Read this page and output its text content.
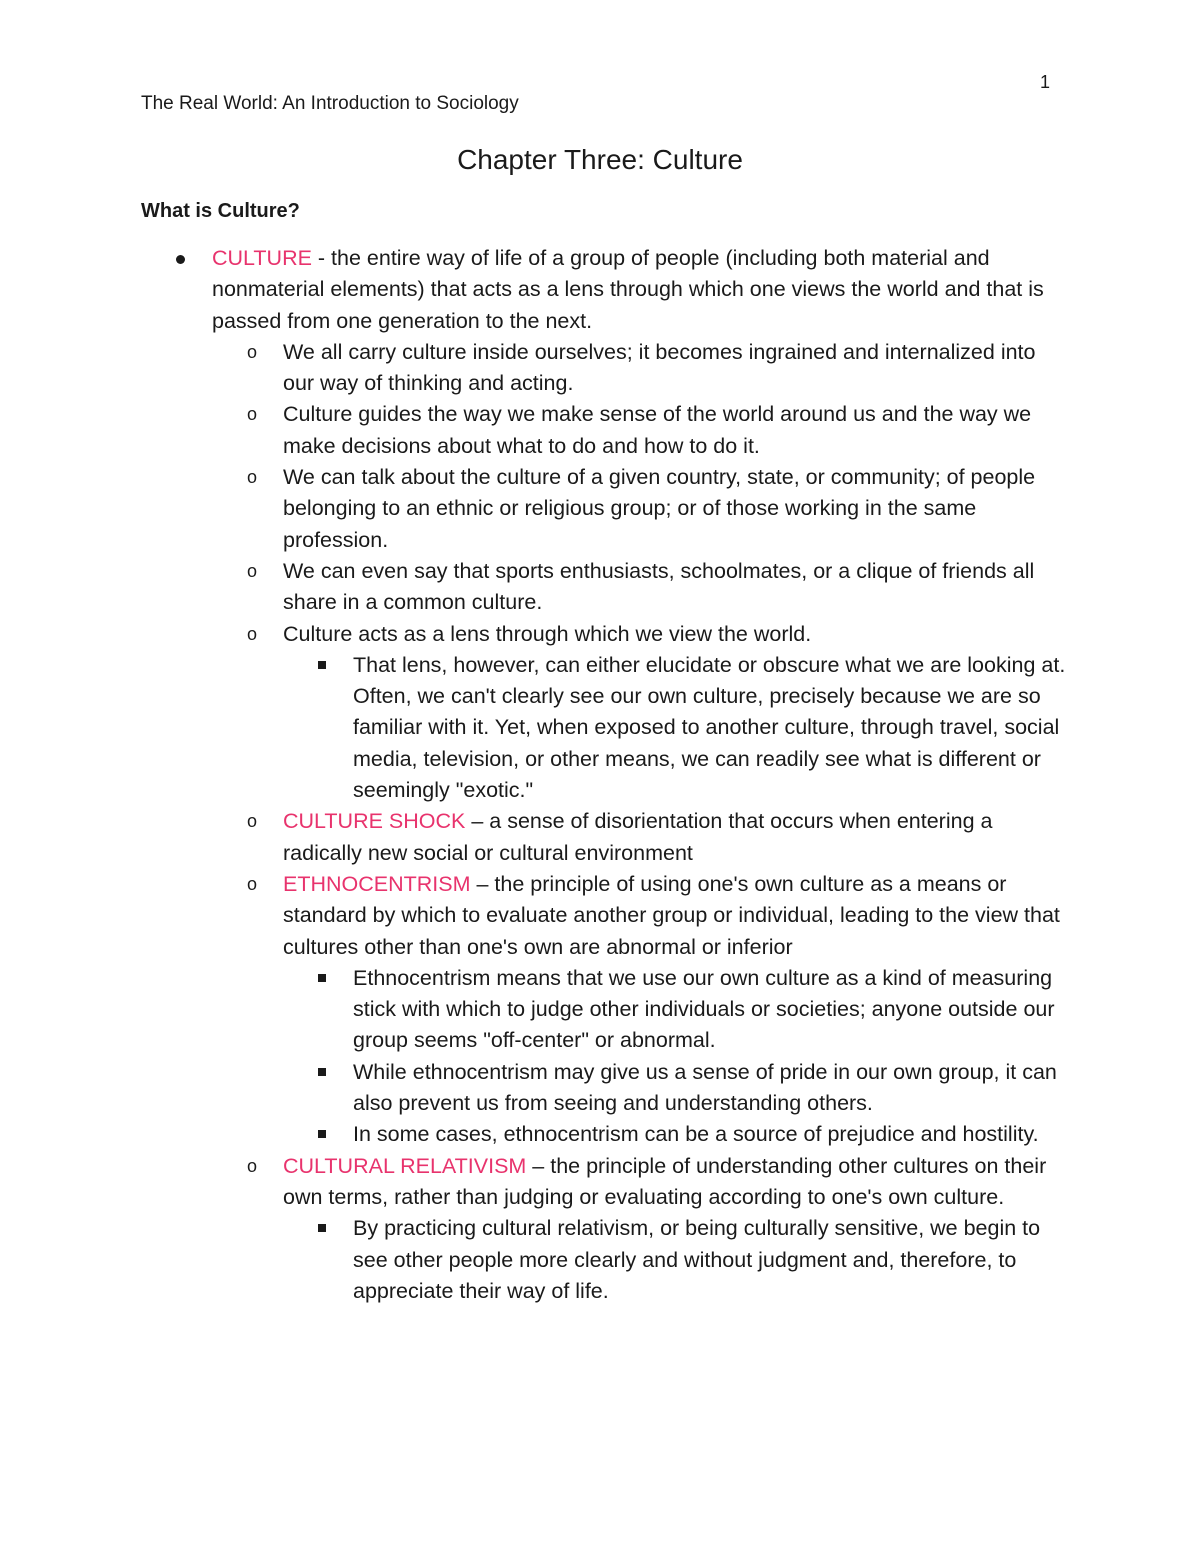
1
The Real World: An Introduction to Sociology
Chapter Three: Culture
What is Culture?
CULTURE - the entire way of life of a group of people (including both material and nonmaterial elements) that acts as a lens through which one views the world and that is passed from one generation to the next.
o We all carry culture inside ourselves; it becomes ingrained and internalized into our way of thinking and acting.
o Culture guides the way we make sense of the world around us and the way we make decisions about what to do and how to do it.
o We can talk about the culture of a given country, state, or community; of people belonging to an ethnic or religious group; or of those working in the same profession.
o We can even say that sports enthusiasts, schoolmates, or a clique of friends all share in a common culture.
o Culture acts as a lens through which we view the world.
That lens, however, can either elucidate or obscure what we are looking at. Often, we can't clearly see our own culture, precisely because we are so familiar with it. Yet, when exposed to another culture, through travel, social media, television, or other means, we can readily see what is different or seemingly "exotic."
o CULTURE SHOCK – a sense of disorientation that occurs when entering a radically new social or cultural environment
o ETHNOCENTRISM – the principle of using one's own culture as a means or standard by which to evaluate another group or individual, leading to the view that cultures other than one's own are abnormal or inferior
Ethnocentrism means that we use our own culture as a kind of measuring stick with which to judge other individuals or societies; anyone outside our group seems "off-center" or abnormal.
While ethnocentrism may give us a sense of pride in our own group, it can also prevent us from seeing and understanding others.
In some cases, ethnocentrism can be a source of prejudice and hostility.
o CULTURAL RELATIVISM – the principle of understanding other cultures on their own terms, rather than judging or evaluating according to one's own culture.
By practicing cultural relativism, or being culturally sensitive, we begin to see other people more clearly and without judgment and, therefore, to appreciate their way of life.
